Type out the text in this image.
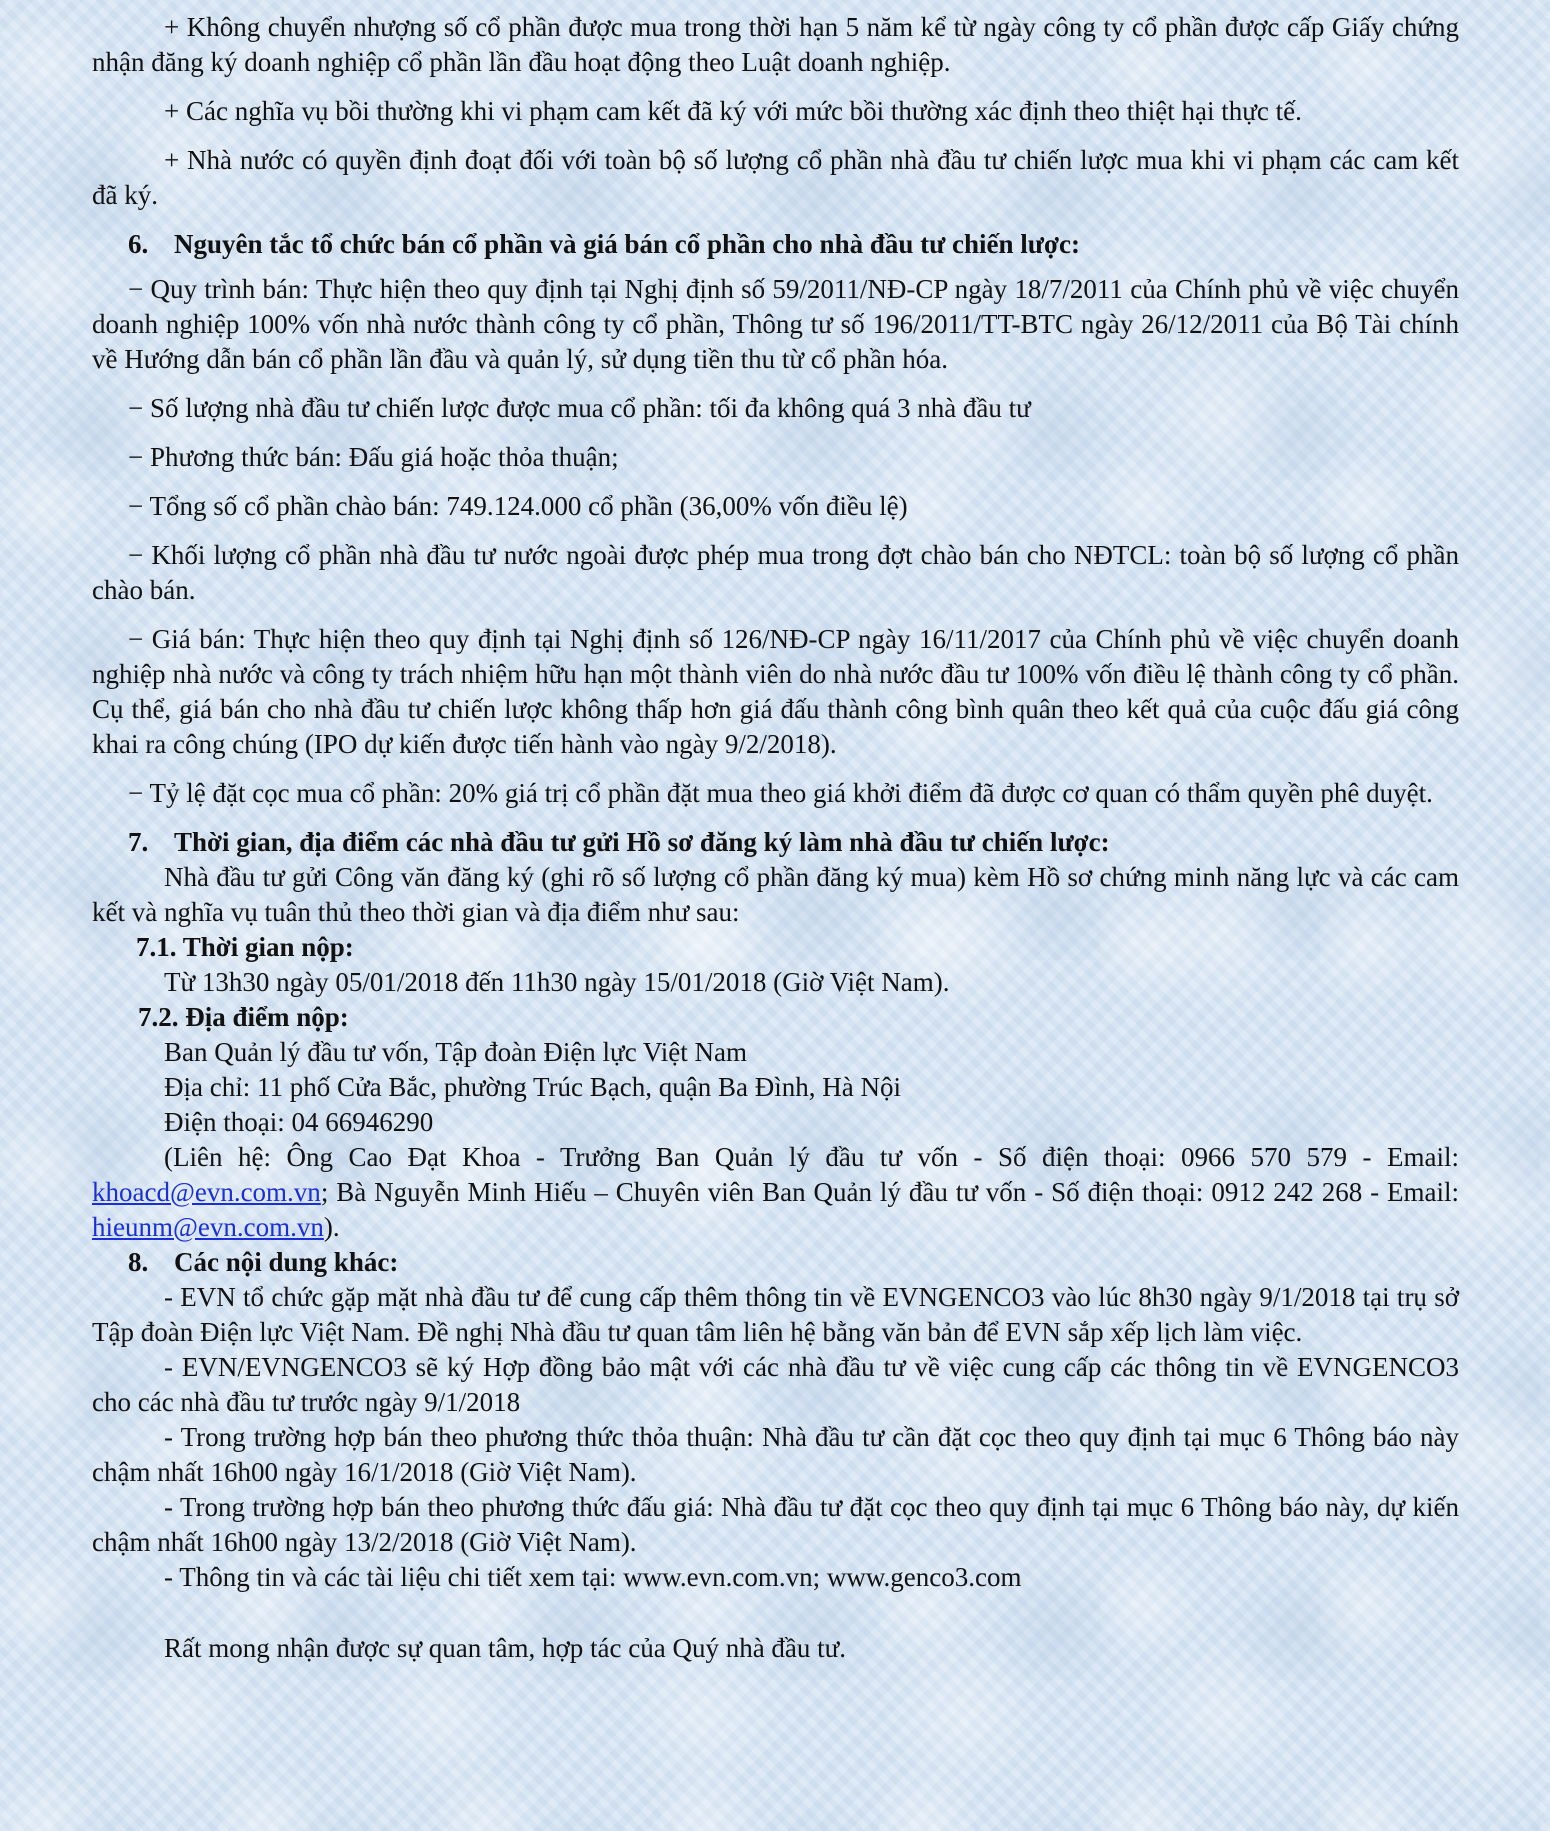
+ Không chuyển nhượng số cổ phần được mua trong thời hạn 5 năm kể từ ngày công ty cổ phần được cấp Giấy chứng nhận đăng ký doanh nghiệp cổ phần lần đầu hoạt động theo Luật doanh nghiệp.

+ Các nghĩa vụ bồi thường khi vi phạm cam kết đã ký với mức bồi thường xác định theo thiệt hại thực tế.

+ Nhà nước có quyền định đoạt đối với toàn bộ số lượng cổ phần nhà đầu tư chiến lược mua khi vi phạm các cam kết đã ký.

6. Nguyên tắc tổ chức bán cổ phần và giá bán cổ phần cho nhà đầu tư chiến lược:

− Quy trình bán: Thực hiện theo quy định tại Nghị định số 59/2011/NĐ-CP ngày 18/7/2011 của Chính phủ về việc chuyển doanh nghiệp 100% vốn nhà nước thành công ty cổ phần, Thông tư số 196/2011/TT-BTC ngày 26/12/2011 của Bộ Tài chính về Hướng dẫn bán cổ phần lần đầu và quản lý, sử dụng tiền thu từ cổ phần hóa.

− Số lượng nhà đầu tư chiến lược được mua cổ phần: tối đa không quá 3 nhà đầu tư

− Phương thức bán: Đấu giá hoặc thỏa thuận;

− Tổng số cổ phần chào bán: 749.124.000 cổ phần (36,00% vốn điều lệ)

− Khối lượng cổ phần nhà đầu tư nước ngoài được phép mua trong đợt chào bán cho NĐTCL: toàn bộ số lượng cổ phần chào bán.

− Giá bán: Thực hiện theo quy định tại Nghị định số 126/NĐ-CP ngày 16/11/2017 của Chính phủ về việc chuyển doanh nghiệp nhà nước và công ty trách nhiệm hữu hạn một thành viên do nhà nước đầu tư 100% vốn điều lệ thành công ty cổ phần. Cụ thể, giá bán cho nhà đầu tư chiến lược không thấp hơn giá đấu thành công bình quân theo kết quả của cuộc đấu giá công khai ra công chúng (IPO dự kiến được tiến hành vào ngày 9/2/2018).

− Tỷ lệ đặt cọc mua cổ phần: 20% giá trị cổ phần đặt mua theo giá khởi điểm đã được cơ quan có thẩm quyền phê duyệt.

7. Thời gian, địa điểm các nhà đầu tư gửi Hồ sơ đăng ký làm nhà đầu tư chiến lược:

Nhà đầu tư gửi Công văn đăng ký (ghi rõ số lượng cổ phần đăng ký mua) kèm Hồ sơ chứng minh năng lực và các cam kết và nghĩa vụ tuân thủ theo thời gian và địa điểm như sau:

7.1. Thời gian nộp:

Từ 13h30 ngày 05/01/2018 đến 11h30 ngày 15/01/2018 (Giờ Việt Nam).

7.2. Địa điểm nộp:

Ban Quản lý đầu tư vốn, Tập đoàn Điện lực Việt Nam

Địa chỉ: 11 phố Cửa Bắc, phường Trúc Bạch, quận Ba Đình, Hà Nội

Điện thoại: 04 66946290

(Liên hệ: Ông Cao Đạt Khoa - Trưởng Ban Quản lý đầu tư vốn - Số điện thoại: 0966 570 579 - Email: khoacd@evn.com.vn; Bà Nguyễn Minh Hiếu – Chuyên viên Ban Quản lý đầu tư vốn - Số điện thoại: 0912 242 268 - Email: hieunm@evn.com.vn).

8. Các nội dung khác:

- EVN tổ chức gặp mặt nhà đầu tư để cung cấp thêm thông tin về EVNGENCO3 vào lúc 8h30 ngày 9/1/2018 tại trụ sở Tập đoàn Điện lực Việt Nam. Đề nghị Nhà đầu tư quan tâm liên hệ bằng văn bản để EVN sắp xếp lịch làm việc.

- EVN/EVNGENCO3 sẽ ký Hợp đồng bảo mật với các nhà đầu tư về việc cung cấp các thông tin về EVNGENCO3 cho các nhà đầu tư trước ngày 9/1/2018

- Trong trường hợp bán theo phương thức thỏa thuận: Nhà đầu tư cần đặt cọc theo quy định tại mục 6 Thông báo này chậm nhất 16h00 ngày 16/1/2018 (Giờ Việt Nam).

- Trong trường hợp bán theo phương thức đấu giá: Nhà đầu tư đặt cọc theo quy định tại mục 6 Thông báo này, dự kiến chậm nhất 16h00 ngày 13/2/2018 (Giờ Việt Nam).

- Thông tin và các tài liệu chi tiết xem tại: www.evn.com.vn; www.genco3.com

Rất mong nhận được sự quan tâm, hợp tác của Quý nhà đầu tư.
